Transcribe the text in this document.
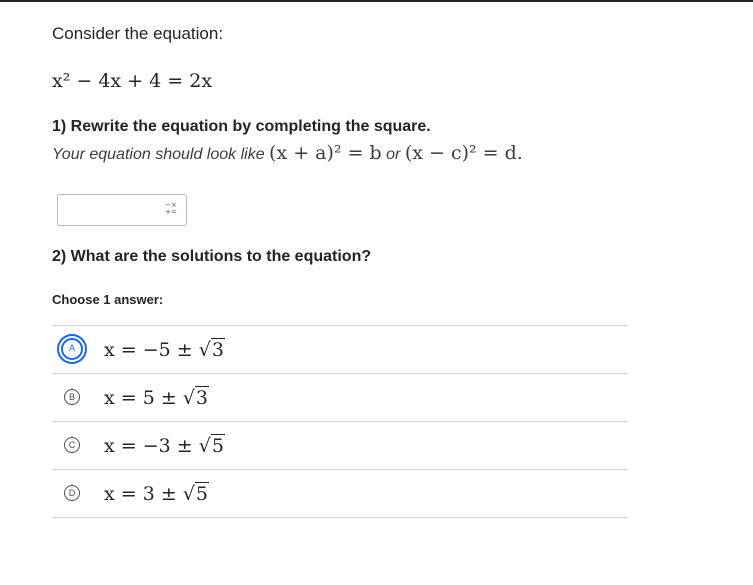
Consider the equation:
x² − 4x + 4 = 2x
1) Rewrite the equation by completing the square.
Your equation should look like (x + a)² = b or (x − c)² = d.
−×
+=
2) What are the solutions to the equation?
Choose 1 answer:
A	x = −5 ± √3
B x = 5 ± √3
C x = −3 ± √5
D x = 3 ± √5
